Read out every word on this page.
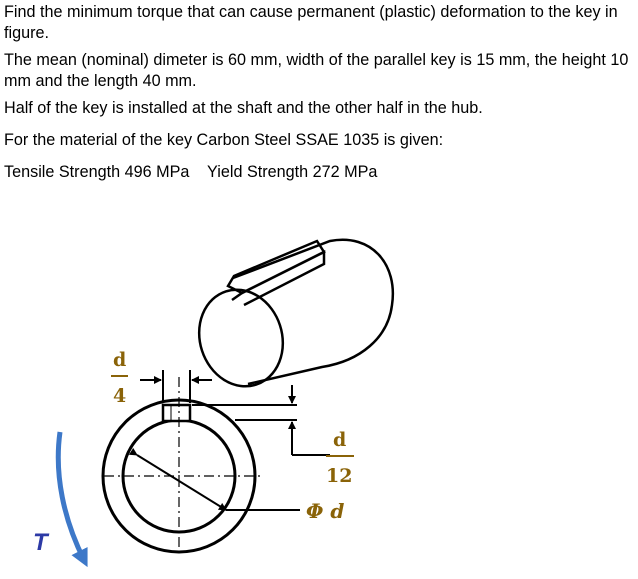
Find the minimum torque that can cause permanent (plastic) deformation to the key in figure.

The mean (nominal) dimeter is 60 mm, width of the parallel key is 15 mm, the height 10 mm and the length 40 mm.

Half of the key is installed at the shaft and the other half in the hub.

For the material of the key Carbon Steel SSAE 1035 is given:

Tensile Strength 496 MPa    Yield Strength 272 MPa

d
4
d
12
Φ d
T
